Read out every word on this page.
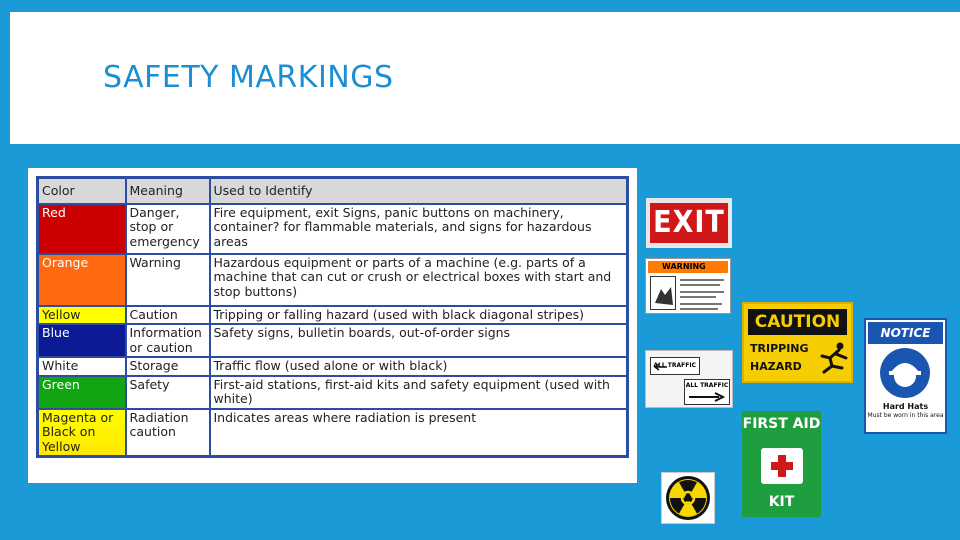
SAFETY MARKINGS
Color	Meaning	Used to Identify
Red	Danger, stop or emergency	Fire equipment, exit Signs, panic buttons on machinery, container? for flammable materials, and signs for hazardous areas
Orange	Warning	Hazardous equipment or parts of a machine (e.g. parts of a machine that can cut or crush or electrical boxes with start and stop buttons)
Yellow	Caution	Tripping or falling hazard (used with black diagonal stripes)
Blue	Information or caution	Safety signs, bulletin boards, out-of-order signs
White	Storage	Traffic flow (used alone or with black)
Green	Safety	First-aid stations, first-aid kits and safety equipment (used with white)
Magenta or Black on Yellow	Radiation caution	Indicates areas where radiation is present
EXIT
WARNING
CAUTION
TRIPPING
HAZARD
NOTICE
Hard Hats
Must be worn in this area
ALL TRAFFIC
ALL TRAFFIC
FIRST AID
KIT
